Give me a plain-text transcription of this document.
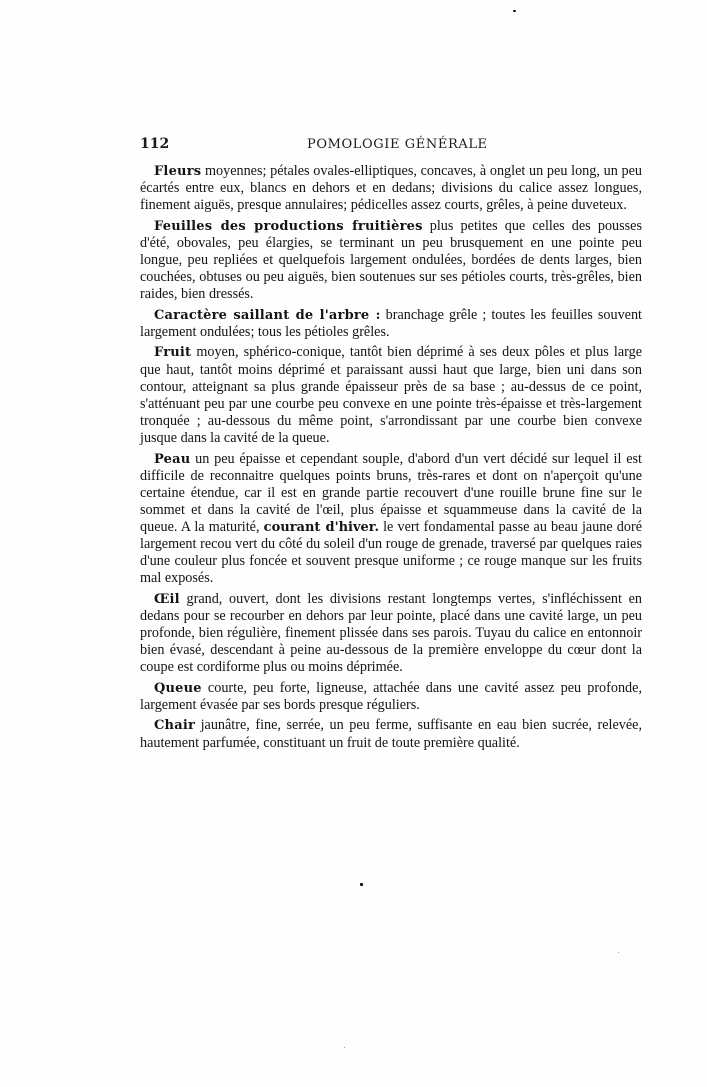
112	POMOLOGIE GÉNÉRALE

Fleurs moyennes; pétales ovales-elliptiques, concaves, à onglet un peu long, un peu écartés entre eux, blancs en dehors et en dedans; divisions du calice assez longues, finement aiguës, presque annulaires; pédicelles assez courts, grêles, à peine duveteux.

Feuilles des productions fruitières plus petites que celles des pousses d'été, obovales, peu élargies, se terminant un peu brusquement en une pointe peu longue, peu repliées et quelquefois largement ondulées, bordées de dents larges, bien couchées, obtuses ou peu aiguës, bien soutenues sur ses pétioles courts, très-grêles, bien raides, bien dressés.

Caractère saillant de l'arbre : branchage grêle ; toutes les feuilles souvent largement ondulées; tous les pétioles grêles.

Fruit moyen, sphérico-conique, tantôt bien déprimé à ses deux pôles et plus large que haut, tantôt moins déprimé et paraissant aussi haut que large, bien uni dans son contour, atteignant sa plus grande épaisseur près de sa base ; au-dessus de ce point, s'atténuant peu par une courbe peu convexe en une pointe très-épaisse et très-largement tronquée ; au-dessous du même point, s'arrondissant par une courbe bien convexe jusque dans la cavité de la queue.

Peau un peu épaisse et cependant souple, d'abord d'un vert décidé sur lequel il est difficile de reconnaitre quelques points bruns, très-rares et dont on n'aperçoit qu'une certaine étendue, car il est en grande partie recouvert d'une rouille brune fine sur le sommet et dans la cavité de l'œil, plus épaisse et squammeuse dans la cavité de la queue. A la maturité, courant d'hiver. le vert fondamental passe au beau jaune doré largement recou vert du côté du soleil d'un rouge de grenade, traversé par quelques raies d'une couleur plus foncée et souvent presque uniforme ; ce rouge manque sur les fruits mal exposés.

Œil grand, ouvert, dont les divisions restant longtemps vertes, s'infléchissent en dedans pour se recourber en dehors par leur pointe, placé dans une cavité large, un peu profonde, bien régulière, finement plissée dans ses parois. Tuyau du calice en entonnoir bien évasé, descendant à peine au-dessous de la première enveloppe du cœur dont la coupe est cordiforme plus ou moins déprimée.

Queue courte, peu forte, ligneuse, attachée dans une cavité assez peu profonde, largement évasée par ses bords presque réguliers.

Chair jaunâtre, fine, serrée, un peu ferme, suffisante en eau bien sucrée, relevée, hautement parfumée, constituant un fruit de toute première qualité.
